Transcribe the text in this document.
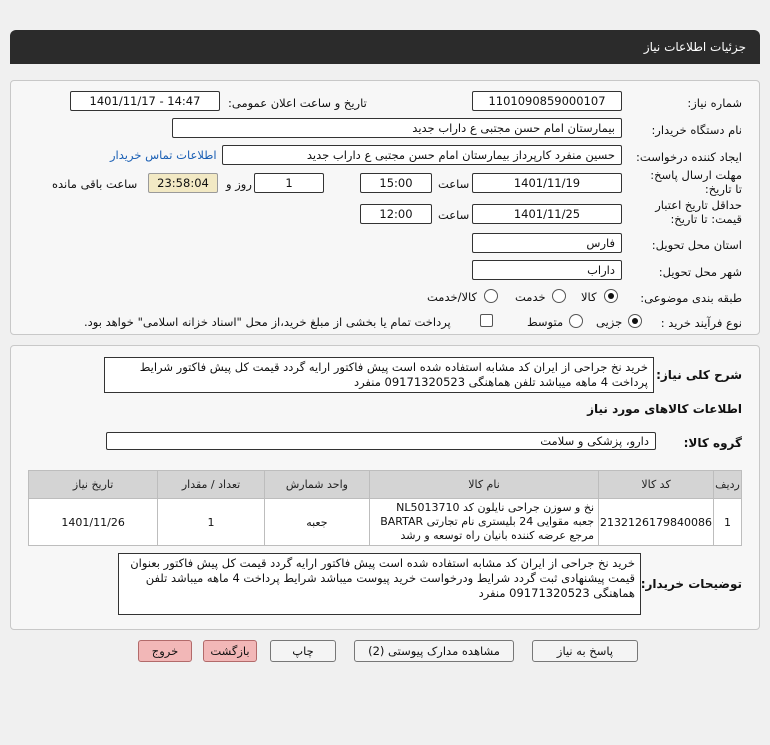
جزئیات اطلاعات نیاز
شماره نیاز:
1101090859000107
تاریخ و ساعت اعلان عمومی:
1401/11/17 - 14:47
نام دستگاه خریدار:
بیمارستان امام حسن مجتبی ع داراب جدید
ایجاد کننده درخواست:
حسین منفرد کارپرداز بیمارستان امام حسن مجتبی ع داراب جدید
اطلاعات تماس خریدار
مهلت ارسال پاسخ: تا تاریخ:
1401/11/19
ساعت
15:00
1
روز و
23:58:04
ساعت باقی مانده
حداقل تاریخ اعتبار قیمت: تا تاریخ:
1401/11/25
ساعت
12:00
استان محل تحویل:
فارس
شهر محل تحویل:
داراب
طبقه بندی موضوعی:
کالا
خدمت
کالا/خدمت
نوع فرآیند خرید :
جزیی
متوسط
پرداخت تمام یا بخشی از مبلغ خرید،از محل "اسناد خزانه اسلامی" خواهد بود.
شرح کلی نیاز:
خرید نخ جراحی از ایران کد مشابه استفاده شده است پیش فاکتور ارایه گردد قیمت کل پیش فاکتور شرایط پرداخت 4 ماهه میباشد تلفن هماهنگی 09171320523 منفرد
اطلاعات کالاهای مورد نیاز
گروه کالا:
دارو، پزشکی و سلامت
ردیف	کد کالا	نام کالا	واحد شمارش	تعداد / مقدار	تاریخ نیاز
1	2132126179840086	نخ و سوزن جراحی نایلون کد NL5013710 جعبه مقوایی 24 بلیستری نام تجارتی BARTAR مرجع عرضه کننده بانیان راه توسعه و رشد	جعبه	1	1401/11/26
توضیحات خریدار:
خرید نخ جراحی از ایران کد مشابه استفاده شده است پیش فاکتور ارایه گردد قیمت کل پیش فاکتور بعنوان قیمت پیشنهادی ثبت گردد شرایط ودرخواست خرید پیوست میباشد شرایط پرداخت 4 ماهه میباشد تلفن هماهنگی 09171320523 منفرد
پاسخ به نیاز
مشاهده مدارک پیوستی (2)
چاپ
بازگشت
خروج
